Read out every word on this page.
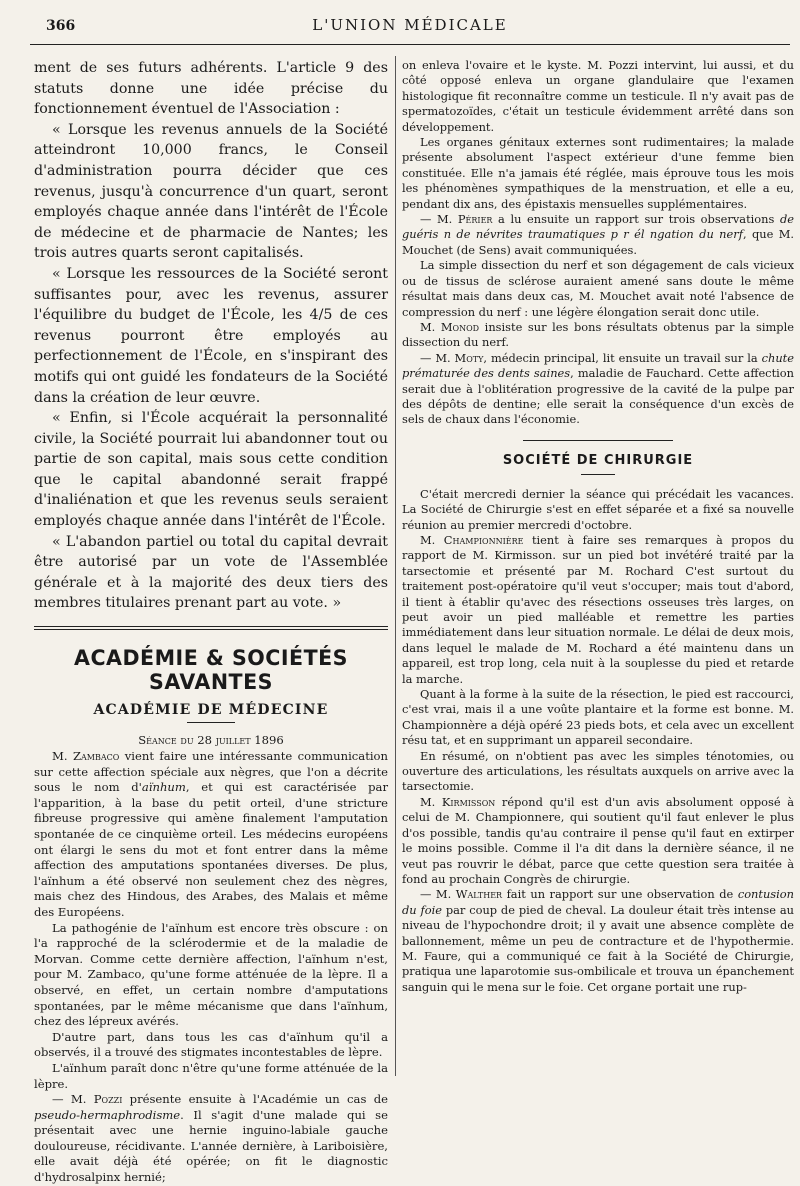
366	L'UNION MÉDICALE

ment de ses futurs adhérents. L'article 9 des statuts donne une idée précise du fonctionnement éventuel de l'Association :

« Lorsque les revenus annuels de la Société atteindront 10,000 francs, le Conseil d'administration pourra décider que ces revenus, jusqu'à concurrence d'un quart, seront employés chaque année dans l'intérêt de l'École de médecine et de pharmacie de Nantes; les trois autres quarts seront capitalisés.

« Lorsque les ressources de la Société seront suffisantes pour, avec les revenus, assurer l'équilibre du budget de l'École, les 4/5 de ces revenus pourront être employés au perfectionnement de l'École, en s'inspirant des motifs qui ont guidé les fondateurs de la Société dans la création de leur œuvre.

« Enfin, si l'École acquérait la personnalité civile, la Société pourrait lui abandonner tout ou partie de son capital, mais sous cette condition que le capital abandonné serait frappé d'inaliénation et que les revenus seuls seraient employés chaque année dans l'intérêt de l'École.

« L'abandon partiel ou total du capital devrait être autorisé par un vote de l'Assemblée générale et à la majorité des deux tiers des membres titulaires prenant part au vote. »

ACADÉMIE & SOCIÉTÉS SAVANTES
ACADÉMIE DE MÉDECINE
Séance du 28 juillet 1896

M. Zambaco vient faire une intéressante communication sur cette affection spéciale aux nègres, que l'on a décrite sous le nom d'aïnhum, et qui est caractérisée par l'apparition, à la base du petit orteil, d'une stricture fibreuse progressive qui amène finalement l'amputation spontanée de ce cinquième orteil. Les médecins européens ont élargi le sens du mot et font entrer dans la même affection des amputations spontanées diverses. De plus, l'aïnhum a été observé non seulement chez des nègres, mais chez des Hindous, des Arabes, des Malais et même des Européens.

La pathogénie de l'aïnhum est encore très obscure : on l'a rapproché de la sclérodermie et de la maladie de Morvan. Comme cette dernière affection, l'aïnhum n'est, pour M. Zambaco, qu'une forme atténuée de la lèpre. Il a observé, en effet, un certain nombre d'amputations spontanées, par le même mécanisme que dans l'aïnhum, chez des lépreux avérés.

D'autre part, dans tous les cas d'aïnhum qu'il a observés, il a trouvé des stigmates incontestables de lèpre.

L'aïnhum paraît donc n'être qu'une forme atténuée de la lèpre.

— M. Pozzi présente ensuite à l'Académie un cas de pseudo-hermaphrodisme. Il s'agit d'une malade qui se présentait avec une hernie inguino-labiale gauche douloureuse, récidivante. L'année dernière, à Lariboisière, elle avait déjà été opérée; on fit le diagnostic d'hydrosalpinx hernié;

on enleva l'ovaire et le kyste. M. Pozzi intervint, lui aussi, et du côté opposé enleva un organe glandulaire que l'examen histologique fit reconnaître comme un testicule. Il n'y avait pas de spermatozoïdes, c'était un testicule évidemment arrêté dans son développement.

Les organes génitaux externes sont rudimentaires; la malade présente absolument l'aspect extérieur d'une femme bien constituée. Elle n'a jamais été réglée, mais éprouve tous les mois les phénomènes sympathiques de la menstruation, et elle a eu, pendant dix ans, des épistaxis mensuelles supplémentaires.

— M. Périer a lu ensuite un rapport sur trois observations de guéris n de névrites traumatiques p r él ngation du nerf, que M. Mouchet (de Sens) avait communiquées.

La simple dissection du nerf et son dégagement de cals vicieux ou de tissus de sclérose auraient amené sans doute le même résultat mais dans deux cas, M. Mouchet avait noté l'absence de compression du nerf : une légère élongation serait donc utile.

M. Monod insiste sur les bons résultats obtenus par la simple dissection du nerf.

— M. Moty, médecin principal, lit ensuite un travail sur la chute prématurée des dents saines, maladie de Fauchard. Cette affection serait due à l'oblitération progressive de la cavité de la pulpe par des dépôts de dentine; elle serait la conséquence d'un excès de sels de chaux dans l'économie.

SOCIÉTÉ DE CHIRURGIE

C'était mercredi dernier la séance qui précédait les vacances. La Société de Chirurgie s'est en effet séparée et a fixé sa nouvelle réunion au premier mercredi d'octobre.

M. Championnière tient à faire ses remarques à propos du rapport de M. Kirmisson. sur un pied bot invétéré traité par la tarsectomie et présenté par M. Rochard C'est surtout du traitement post-opératoire qu'il veut s'occuper; mais tout d'abord, il tient à établir qu'avec des résections osseuses très larges, on peut avoir un pied malléable et remettre les parties immédiatement dans leur situation normale. Le délai de deux mois, dans lequel le malade de M. Rochard a été maintenu dans un appareil, est trop long, cela nuit à la souplesse du pied et retarde la marche.

Quant à la forme à la suite de la résection, le pied est raccourci, c'est vrai, mais il a une voûte plantaire et la forme est bonne. M. Championnère a déjà opéré 23 pieds bots, et cela avec un excellent résu tat, et en supprimant un appareil secondaire.

En résumé, on n'obtient pas avec les simples ténotomies, ou ouverture des articulations, les résultats auxquels on arrive avec la tarsectomie.

M. Kirmisson répond qu'il est d'un avis absolument opposé à celui de M. Championnere, qui soutient qu'il faut enlever le plus d'os possible, tandis qu'au contraire il pense qu'il faut en extirper le moins possible. Comme il l'a dit dans la dernière séance, il ne veut pas rouvrir le débat, parce que cette question sera traitée à fond au prochain Congrès de chirurgie.

— M. Walther fait un rapport sur une observation de contusion du foie par coup de pied de cheval. La douleur était très intense au niveau de l'hypochondre droit; il y avait une absence complète de ballonnement, même un peu de contracture et de l'hypothermie. M. Faure, qui a communiqué ce fait à la Société de Chirurgie, pratiqua une laparotomie sus-ombilicale et trouva un épanchement sanguin qui le mena sur le foie. Cet organe portait une rup-
